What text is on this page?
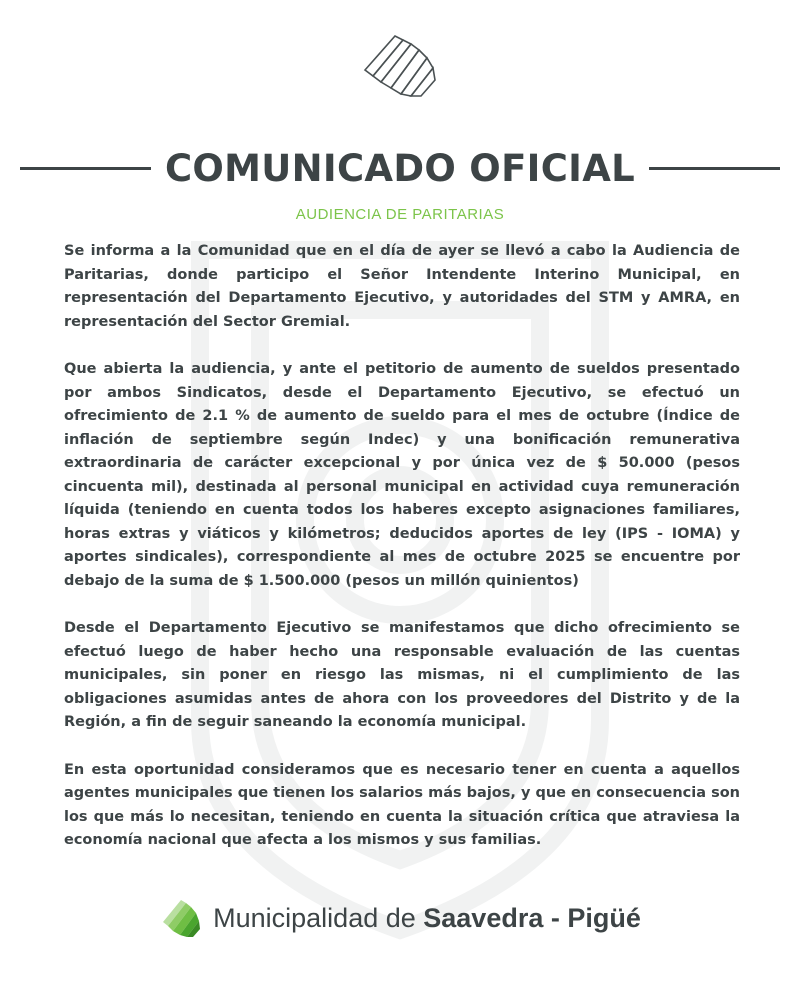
COMUNICADO OFICIAL
AUDIENCIA DE PARITARIAS

Se informa a la Comunidad que en el día de ayer se llevó a cabo la Audiencia de Paritarias, donde participo el Señor Intendente Interino Municipal, en representación del Departamento Ejecutivo, y autoridades del STM y AMRA, en representación del Sector Gremial.

Que abierta la audiencia, y ante el petitorio de aumento de sueldos presentado por ambos Sindicatos, desde el Departamento Ejecutivo, se efectuó un ofrecimiento de 2.1 % de aumento de sueldo para el mes de octubre (Índice de inflación de septiembre según Indec) y una bonificación remunerativa extraordinaria de carácter excepcional y por única vez de $ 50.000 (pesos cincuenta mil), destinada al personal municipal en actividad cuya remuneración líquida (teniendo en cuenta todos los haberes excepto asignaciones familiares, horas extras y viáticos y kilómetros; deducidos aportes de ley (IPS - IOMA) y aportes sindicales), correspondiente al mes de octubre 2025 se encuentre por debajo de la suma de $ 1.500.000 (pesos un millón quinientos)

Desde el Departamento Ejecutivo se manifestamos que dicho ofrecimiento se efectuó luego de haber hecho una responsable evaluación de las cuentas municipales, sin poner en riesgo las mismas, ni el cumplimiento de las obligaciones asumidas antes de ahora con los proveedores del Distrito y de la Región, a fin de seguir saneando la economía municipal.

En esta oportunidad consideramos que es necesario tener en cuenta a aquellos agentes municipales que tienen los salarios más bajos, y que en consecuencia son los que más lo necesitan, teniendo en cuenta la situación crítica que atraviesa la economía nacional que afecta a los mismos y sus familias.

Municipalidad de Saavedra - Pigüé
